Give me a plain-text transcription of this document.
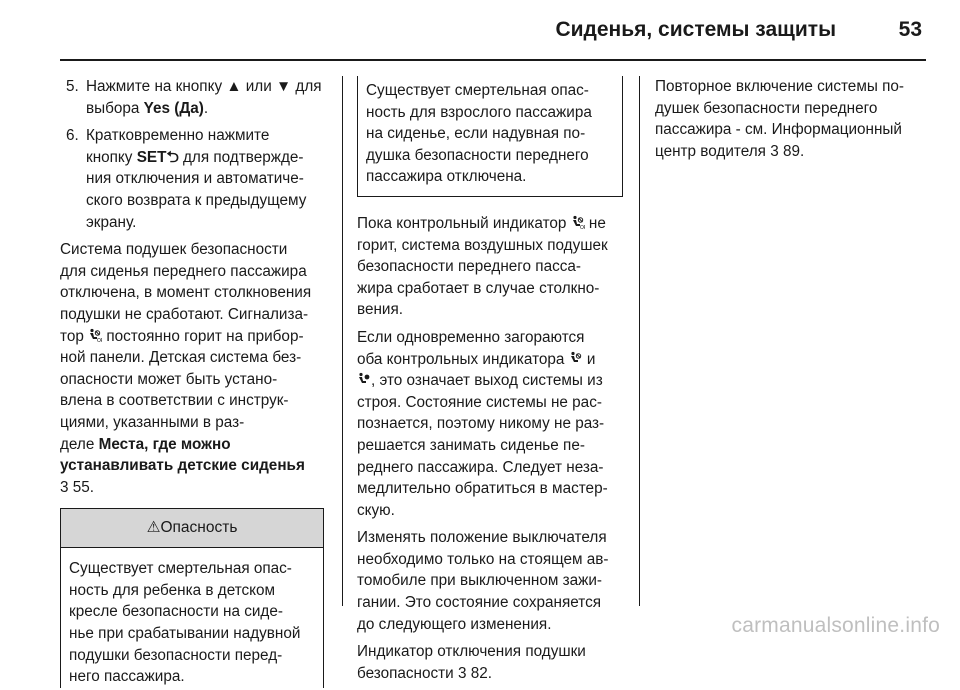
Сиденья, системы защиты	53
5. Нажмите на кнопку ▲ или ▼ для
выбора Yes (Да).
6. Кратковременно нажмите
кнопку SET⮌ для подтвержде-
ния отключения и автоматиче-
ского возврата к предыдущему
экрану.

Система подушек безопасности
для сиденья переднего пассажира
отключена, в момент столкновения
подушки не сработают. Сигнализа-
тор O постоянно горит на прибор-
ной панели. Детская система без-
опасности может быть устано-
влена в соответствии с инструк-
циями, указанными в раз-
деле Места, где можно
устанавливать детские сиденья
3 55.

⚠ Опасность
Существует смертельная опас-
ность для ребенка в детском
кресле безопасности на сиде-
нье при срабатывании надувной
подушки безопасности перед-
него пассажира.
Существует смертельная опас-
ность для взрослого пассажира
на сиденье, если надувная по-
душка безопасности переднего
пассажира отключена.

Пока контрольный индикатор O не
горит, система воздушных подушек
безопасности переднего пасса-
жира сработает в случае столкно-
вения.

Если одновременно загораются
оба контрольных индикатора  и
, это означает выход системы из
строя. Состояние системы не рас-
познается, поэтому никому не раз-
решается занимать сиденье пе-
реднего пассажира. Следует неза-
медлительно обратиться в мастер-
скую.

Изменять положение выключателя
необходимо только на стоящем ав-
томобиле при выключенном зажи-
гании. Это состояние сохраняется
до следующего изменения.

Индикатор отключения подушки
безопасности 3 82.

Повторное включение системы по-
душек безопасности переднего
пассажира - см. Информационный
центр водителя 3 89.

carmanualsonline.info
